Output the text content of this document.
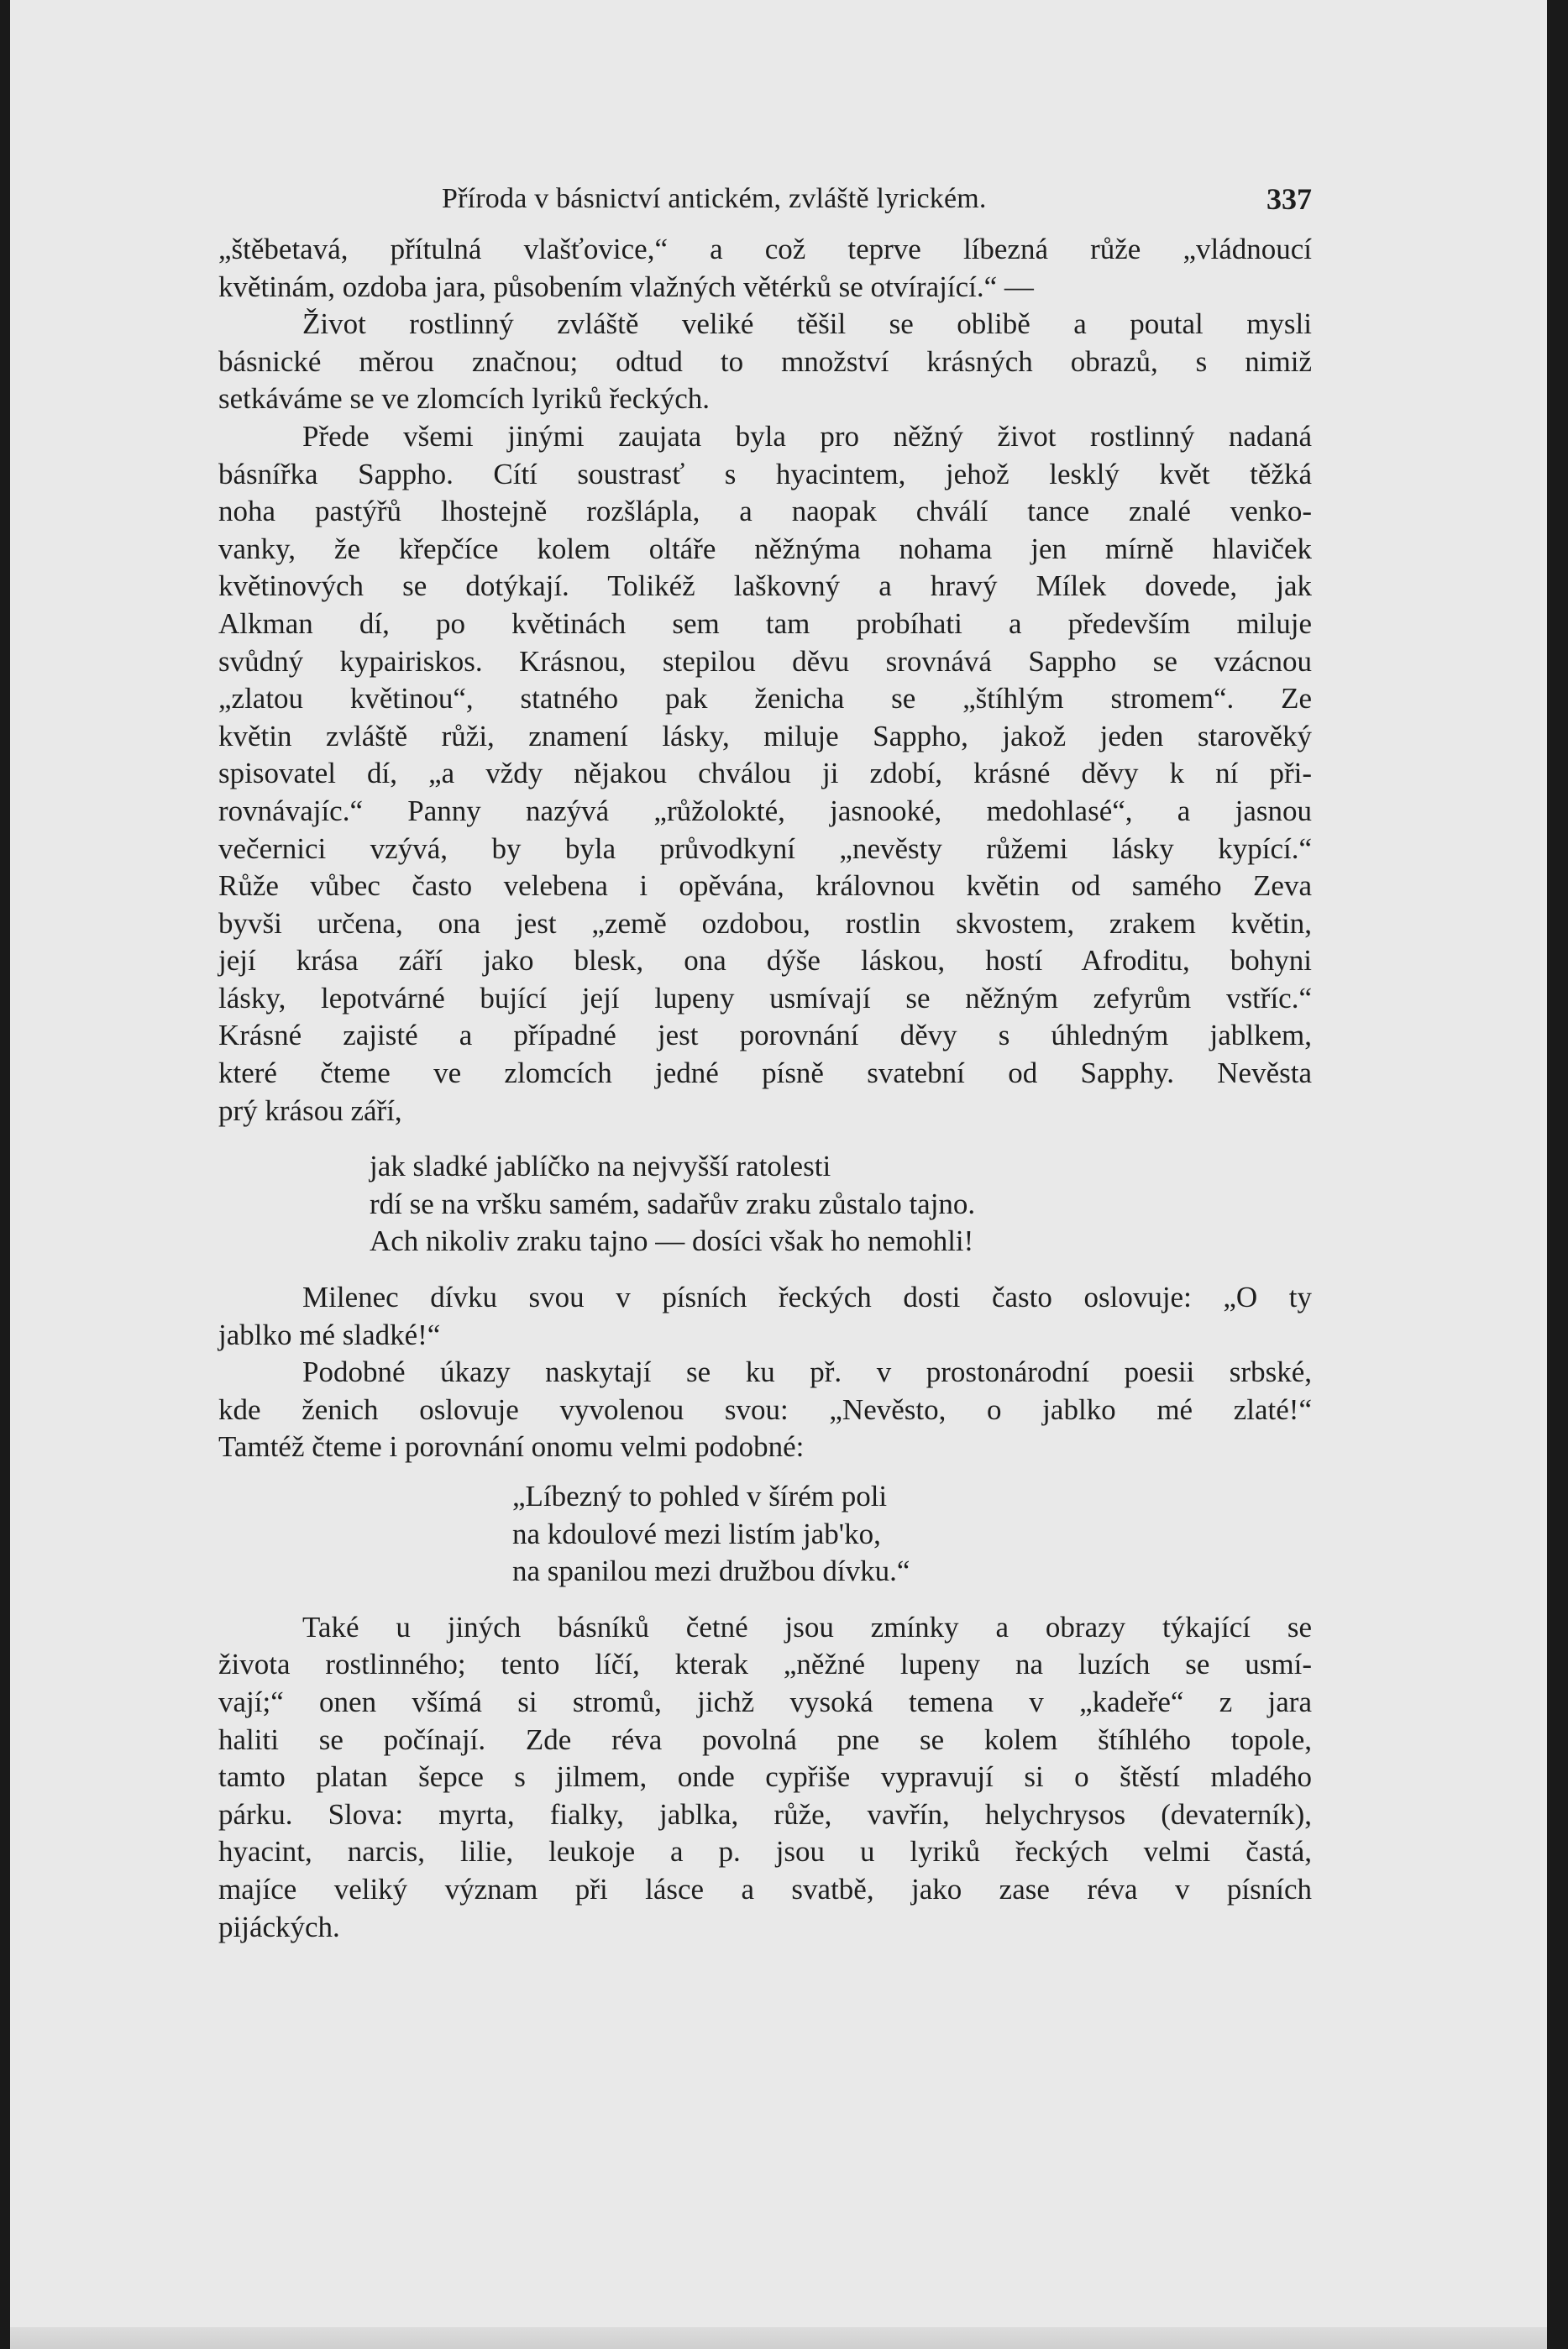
Příroda v básnictví antickém, zvláště lyrickém.	337
„štěbetavá, přítulná vlašťovice,“ a což teprve líbezná růže „vládnoucí
květinám, ozdoba jara, působením vlažných větérků se otvírající.“ —
Život rostlinný zvláště veliké těšil se oblibě a poutal mysli
básnické měrou značnou; odtud to množství krásných obrazů, s nimiž
setkáváme se ve zlomcích lyriků řeckých.
Přede všemi jinými zaujata byla pro něžný život rostlinný nadaná
básnířka Sappho. Cítí soustrasť s hyacintem, jehož lesklý květ těžká
noha pastýřů lhostejně rozšlápla, a naopak chválí tance znalé venko-
vanky, že křepčíce kolem oltáře něžnýma nohama jen mírně hlaviček
květinových se dotýkají. Tolikéž laškovný a hravý Mílek dovede, jak
Alkman dí, po květinách sem tam probíhati a především miluje
svůdný kypairiskos. Krásnou, stepilou děvu srovnává Sappho se vzácnou
„zlatou květinou“, statného pak ženicha se „štíhlým stromem“. Ze
květin zvláště růži, znamení lásky, miluje Sappho, jakož jeden starověký
spisovatel dí, „a vždy nějakou chválou ji zdobí, krásné děvy k ní při-
rovnávajíc.“ Panny nazývá „růžolokté, jasnooké, medohlasé“, a jasnou
večernici vzývá, by byla průvodkyní „nevěsty růžemi lásky kypící.“
Růže vůbec často velebena i opěvána, královnou květin od samého Zeva
byvši určena, ona jest „země ozdobou, rostlin skvostem, zrakem květin,
její krása září jako blesk, ona dýše láskou, hostí Afroditu, bohyni
lásky, lepotvárné bující její lupeny usmívají se něžným zefyrům vstříc.“
Krásné zajisté a případné jest porovnání děvy s úhledným jablkem,
které čteme ve zlomcích jedné písně svatební od Sapphy. Nevěsta
prý krásou září,
jak sladké jablíčko na nejvyšší ratolesti
rdí se na vršku samém, sadařův zraku zůstalo tajno.
Ach nikoliv zraku tajno — dosíci však ho nemohli!
Milenec dívku svou v písních řeckých dosti často oslovuje: „O ty
jablko mé sladké!“
Podobné úkazy naskytají se ku př. v prostonárodní poesii srbské,
kde ženich oslovuje vyvolenou svou: „Nevěsto, o jablko mé zlaté!“
Tamtéž čteme i porovnání onomu velmi podobné:
„Líbezný to pohled v šírém poli
na kdoulové mezi listím jab'ko,
na spanilou mezi družbou dívku.“
Také u jiných básníků četné jsou zmínky a obrazy týkající se
života rostlinného; tento líčí, kterak „něžné lupeny na luzích se usmí-
vají;“ onen všímá si stromů, jichž vysoká temena v „kadeře“ z jara
haliti se počínají. Zde réva povolná pne se kolem štíhlého topole,
tamto platan šepce s jilmem, onde cypřiše vypravují si o štěstí mladého
párku. Slova: myrta, fialky, jablka, růže, vavřín, helychrysos (devaterník),
hyacint, narcis, lilie, leukoje a p. jsou u lyriků řeckých velmi častá,
majíce veliký význam při lásce a svatbě, jako zase réva v písních
pijáckých.
